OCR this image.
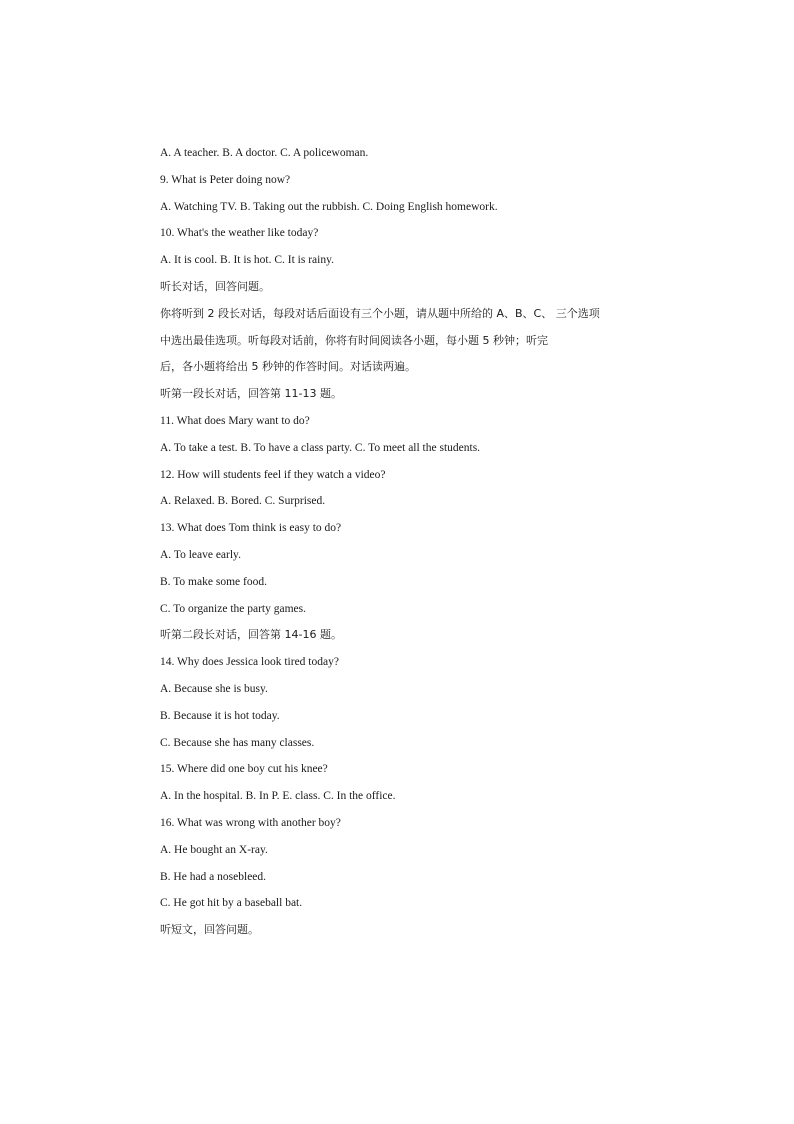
A. A teacher. B. A doctor. C. A policewoman.
9. What is Peter doing now?
A. Watching TV. B. Taking out the rubbish. C. Doing English homework.
10. What's the weather like today?
A. It is cool. B. It is hot. C. It is rainy.
听长对话，回答问题。
你将听到 2 段长对话，每段对话后面设有三个小题，请从题中所给的 A、B、C、 三个选项
中选出最佳选项。听每段对话前，你将有时间阅读各小题，每小题 5 秒钟；听完
后，各小题将给出 5 秒钟的作答时间。对话读两遍。
听第一段长对话，回答第 11-13 题。
11. What does Mary want to do?
A. To take a test. B. To have a class party. C. To meet all the students.
12. How will students feel if they watch a video?
A. Relaxed. B. Bored. C. Surprised.
13. What does Tom think is easy to do?
A. To leave early.
B. To make some food.
C. To organize the party games.
听第二段长对话，回答第 14-16 题。
14. Why does Jessica look tired today?
A. Because she is busy.
B. Because it is hot today.
C. Because she has many classes.
15. Where did one boy cut his knee?
A. In the hospital. B. In P. E. class. C. In the office.
16. What was wrong with another boy?
A. He bought an X-ray.
B. He had a nosebleed.
C. He got hit by a baseball bat.
听短文，回答问题。
